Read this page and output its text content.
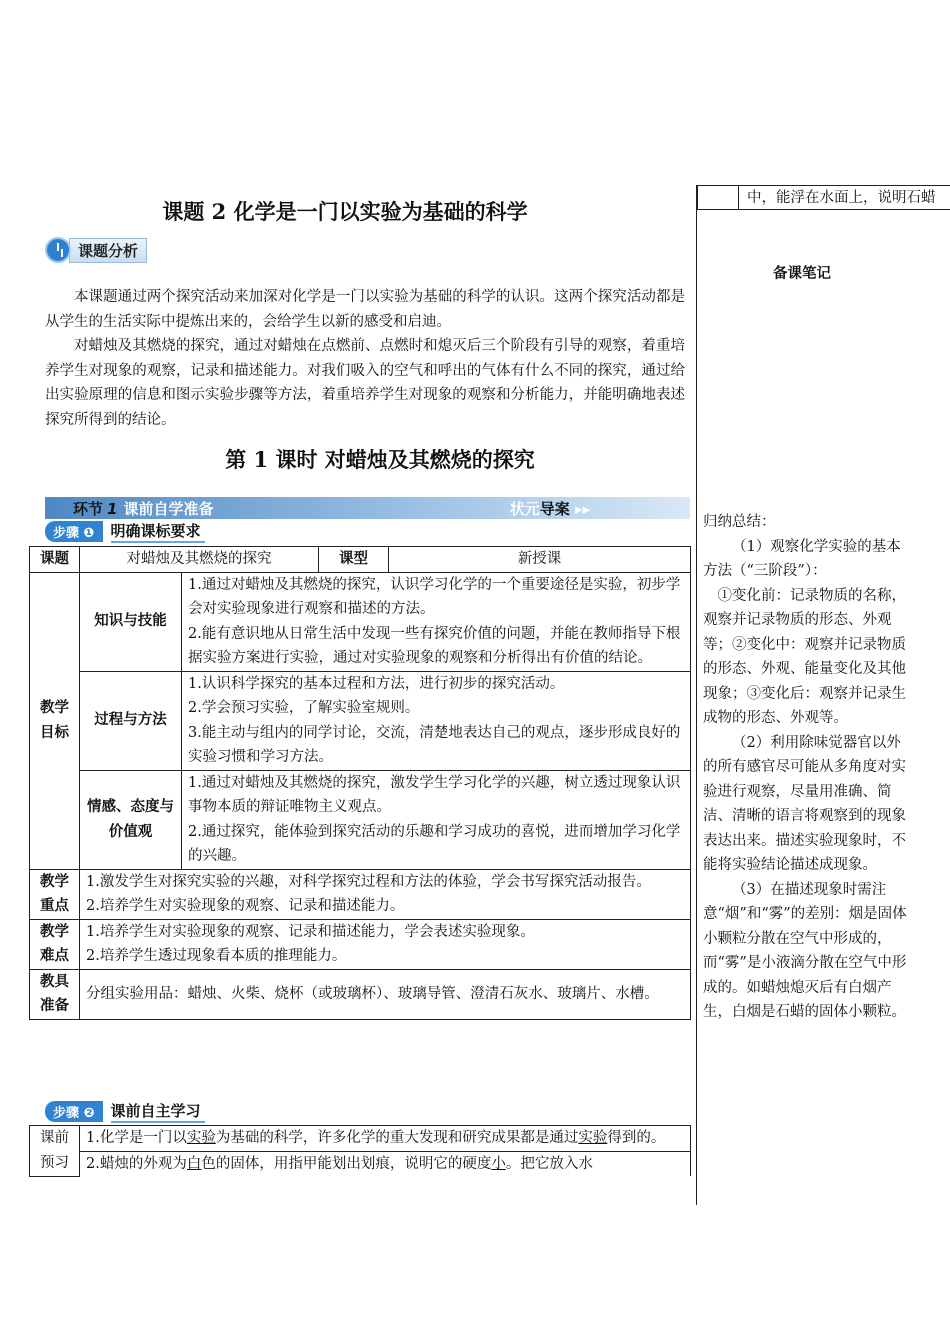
课题 2 化学是一门以实验为基础的科学
课题分析
本课题通过两个探究活动来加深对化学是一门以实验为基础的科学的认识。这两个探究活动都是从学生的生活实际中提炼出来的，会给学生以新的感受和启迪。
对蜡烛及其燃烧的探究，通过对蜡烛在点燃前、点燃时和熄灭后三个阶段有引导的观察，着重培养学生对现象的观察，记录和描述能力。对我们吸入的空气和呼出的气体有什么不同的探究，通过给出实验原理的信息和图示实验步骤等方法，着重培养学生对现象的观察和分析能力，并能明确地表述探究所得到的结论。
第 1 课时 对蜡烛及其燃烧的探究
环节 1 课前自学准备	状元导案 ▸▸
步骤 ❶	明确课标要求
课题	对蜡烛及其燃烧的探究		课型	新授课
教学目标	知识与技能	1.通过对蜡烛及其燃烧的探究，认识学习化学的一个重要途径是实验，初步学会对实验现象进行观察和描述的方法。
2.能有意识地从日常生活中发现一些有探究价值的问题，并能在教师指导下根据实验方案进行实验，通过对实验现象的观察和分析得出有价值的结论。		

	过程与方法	1.认识科学探究的基本过程和方法，进行初步的探究活动。
2.学会预习实验，了解实验室规则。
3.能主动与组内的同学讨论，交流，清楚地表达自己的观点，逐步形成良好的实验习惯和学习方法。		

	情感、态度与价值观	1.通过对蜡烛及其燃烧的探究，激发学生学习化学的兴趣，树立透过现象认识事物本质的辩证唯物主义观点。
2.通过探究，能体验到探究活动的乐趣和学习成功的喜悦，进而增加学习化学的兴趣。		

教学重点	1.激发学生对探究实验的兴趣，对科学探究过程和方法的体验，学会书写探究活动报告。
2.培养学生对实验现象的观察、记录和描述能力。			

教学难点	1.培养学生对实验现象的观察、记录和描述能力，学会表述实验现象。
2.培养学生透过现象看本质的推理能力。			

教具准备	分组实验用品：蜡烛、火柴、烧杯（或玻璃杯）、玻璃导管、澄清石灰水、玻璃片、水槽。			
步骤 ❷	课前自主学习
课前预习	1.化学是一门以实验为基础的科学，许多化学的重大发现和研究成果都是通过实验得到的。
2.蜡烛的外观为白色的固体，用指甲能划出划痕，说明它的硬度小。把它放入水
中，能浮在水面上，说明石蜡
备课笔记
归纳总结：
（1）观察化学实验的基本方法（“三阶段”）：
①变化前：记录物质的名称，观察并记录物质的形态、外观等；②变化中：观察并记录物质的形态、外观、能量变化及其他现象；③变化后：观察并记录生成物的形态、外观等。
（2）利用除味觉器官以外的所有感官尽可能从多角度对实验进行观察，尽量用准确、简洁、清晰的语言将观察到的现象表达出来。描述实验现象时，不能将实验结论描述成现象。
（3）在描述现象时需注意“烟”和“雾”的差别：烟是固体小颗粒分散在空气中形成的，而“雾”是小液滴分散在空气中形成的。如蜡烛熄灭后有白烟产生，白烟是石蜡的固体小颗粒。
